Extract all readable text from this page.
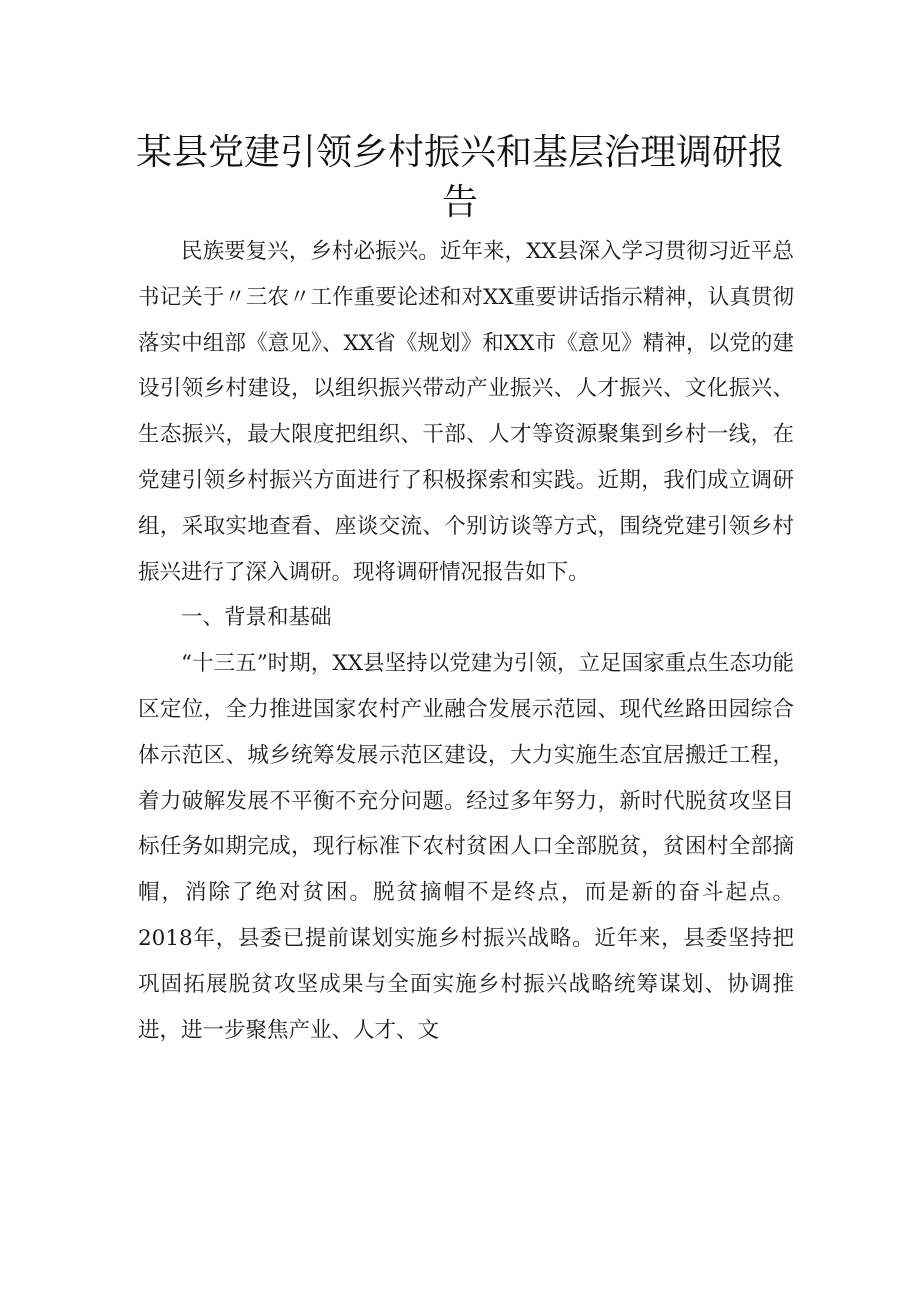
某县党建引领乡村振兴和基层治理调研报告

民族要复兴，乡村必振兴。近年来，XX县深入学习贯彻习近平总书记关于〃三农〃工作重要论述和对XX重要讲话指示精神，认真贯彻落实中组部《意见》、XX省《规划》和XX市《意见》精神，以党的建设引领乡村建设，以组织振兴带动产业振兴、人才振兴、文化振兴、生态振兴，最大限度把组织、干部、人才等资源聚集到乡村一线，在党建引领乡村振兴方面进行了积极探索和实践。近期，我们成立调研组，采取实地查看、座谈交流、个别访谈等方式，围绕党建引领乡村振兴进行了深入调研。现将调研情况报告如下。

一、背景和基础

“十三五”时期，XX县坚持以党建为引领，立足国家重点生态功能区定位，全力推进国家农村产业融合发展示范园、现代丝路田园综合体示范区、城乡统筹发展示范区建设，大力实施生态宜居搬迁工程，着力破解发展不平衡不充分问题。经过多年努力，新时代脱贫攻坚目标任务如期完成，现行标准下农村贫困人口全部脱贫，贫困村全部摘帽，消除了绝对贫困。脱贫摘帽不是终点，而是新的奋斗起点。2018年，县委已提前谋划实施乡村振兴战略。近年来，县委坚持把巩固拓展脱贫攻坚成果与全面实施乡村振兴战略统筹谋划、协调推进，进一步聚焦产业、人才、文
